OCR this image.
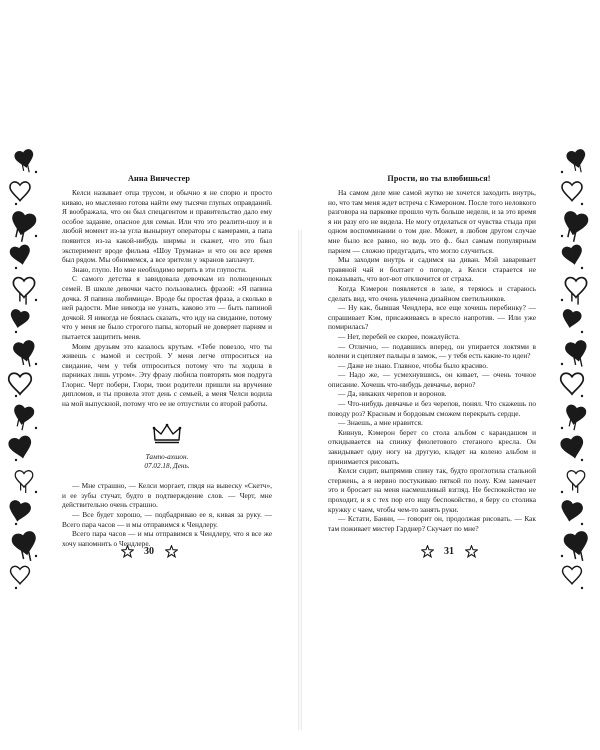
Анна Винчестер

Келси называет отца трусом, и обычно я не спорю и просто киваю, но мысленно готова найти ему тысячи глупых оправданий. Я воображала, что он был спецагентом и правительство дало ему особое задание, опасное для семьи. Или что это реалити-шоу и в любой момент из-за угла вынырнут операторы с камерами, а папа появится из-за какой-нибудь ширмы и скажет, что это был эксперимент вроде фильма «Шоу Трумана» и что он все время был рядом. Мы обнимемся, а все зрители у экранов заплачут.

Знаю, глупо. Но мне необходимо верить в эти глупости.

С самого детства я завидовала девочкам из полноценных семей. В школе девочки часто пользовались фразой: «Я папина дочка. Я папина любимица». Вроде бы простая фраза, а сколько в ней радости. Мне никогда не узнать, каково это — быть папиной дочкой. Я никогда не боялась сказать, что иду на свидание, потому что у меня не было строгого папы, который не доверяет парням и пытается защитить меня.

Моим друзьям это казалось крутым. «Тебе повезло, что ты живешь с мамой и сестрой. У меня легче отпроситься на свидание, чем у тебя отпроситься потому что ты ходила в парниках лишь утром». Эту фразу любила повторять моя подруга Глорис. Черт побери, Глори, твои родители пришли на вручение дипломов, и ты провела этот день с семьей, а меня Челси водила на мой выпускной, потому что ее не отпустили со второй работы.

Тампо-ахшон.
07.02.18, День.

— Мне страшно, — Келси моргает, глядя на вывеску «Скетч», и ее зубы стучат, будто в подтверждение слов. — Черт, мне действительно очень страшно.

— Все будет хорошо, — подбадриваю ее я, кивая за руку. — Всего пара часов — и мы отправимся к Чендлеру.

Всего пара часов — и мы отправимся к Чендлеру, что я все же хочу напомнить о Чендлере.

30
Прости, но ты влюбишься!

На самом деле мне самой жутко не хочется заходить внутрь, но, что там меня ждет встреча с Кэмероном. После того неловкого разговора на парковке прошло чуть больше недели, и за это время я ни разу его не видела. Не могу отделаться от чувства стыда при одном воспоминании о том дне. Может, в любом другом случае мне было все равно, но ведь это ф.. был самым популярным парнем — сложно предугадать, что могло случиться.

Мы заходим внутрь и садимся на диван. Мэй заваривает травяной чай и болтает о погоде, а Келси старается не показывать, что вот-вот отключится от страха.

Когда Кэмерон появляется в зале, я теряюсь и стараюсь сделать вид, что очень увлечена дизайном светильников.

— Ну как, бывшая Чендлера, все еще хочешь перебинку? — спрашивает Кэм, присаживаясь в кресло напротив. — Или уже помирилась?

— Нет, перебей ее скорее, пожалуйста.

— Отлично, — подавшись вперед, он упирается локтями в колени и сцепляет пальцы в замок, — у тебя есть какие-то идеи?

— Даже не знаю. Главное, чтобы было красиво.

— Надо же, — усмехнувшись, он кивает, — очень точное описание. Хочешь что-нибудь девчачье, верно?

— Да, никаких черепов и воронов.

— Что-нибудь девчачье и без черепов, понял. Что скажешь по поводу роз? Красным и бордовым сможем перекрыть сердце.

— Знаешь, а мне нравится.

Кивнув, Кэмерон берет со стола альбом с карандашом и откидывается на спинку фиолетового стеганого кресла. Он закидывает одну ногу на другую, кладет на колено альбом и принимается рисовать.

Келси сидит, выпрямив спину так, будто проглотила стальной стержень, а я нервно постукиваю пяткой по полу. Кэм замечает это и бросает на меня насмешливый взгляд. Не беспокойство не проходит, и я с тех пор его ищу беспокойство, я беру со столика кружку с чаем, чтобы чем-то занять руки.

— Кстати, Банни, — говорит он, продолжая рисовать. — Как там поживает мистер Гарднер? Скучает по мне?

31
